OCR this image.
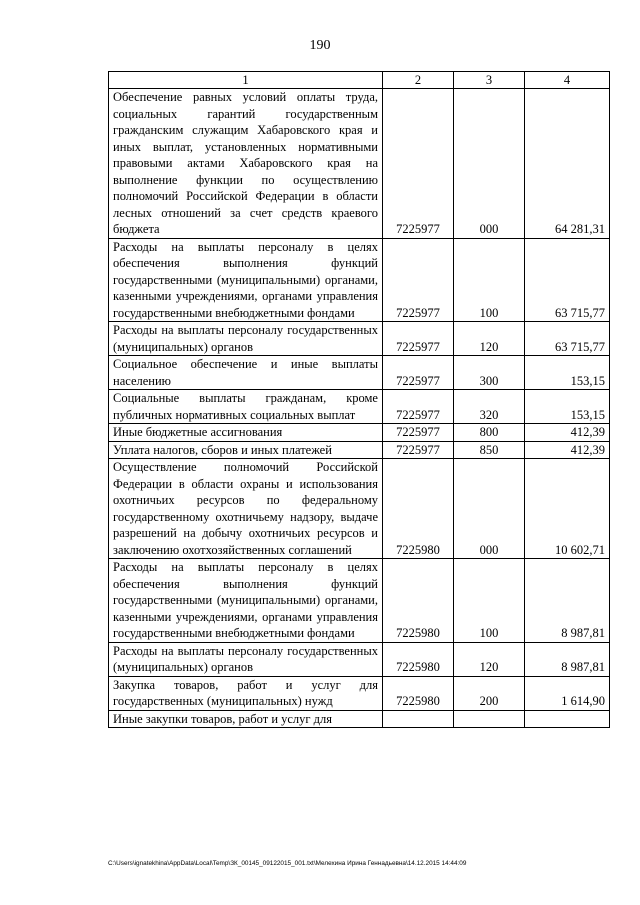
190
1	2	3	4
Обеспечение равных условий оплаты труда, социальных гарантий государственным гражданским служащим Хабаровского края и иных выплат, установленных нормативными правовыми актами Хабаровского края на выполнение функции по осуществлению полномочий Российской Федерации в области лесных отношений за счет средств краевого бюджета	7225977	000	64 281,31
Расходы на выплаты персоналу в целях обеспечения выполнения функций государственными (муниципальными) органами, казенными учреждениями, органами управления государственными внебюджетными фондами	7225977	100	63 715,77
Расходы на выплаты персоналу государственных (муниципальных) органов	7225977	120	63 715,77
Социальное обеспечение и иные выплаты населению	7225977	300	153,15
Социальные выплаты гражданам, кроме публичных нормативных социальных выплат	7225977	320	153,15
Иные бюджетные ассигнования	7225977	800	412,39
Уплата налогов, сборов и иных платежей	7225977	850	412,39
Осуществление полномочий Российской Федерации в области охраны и использования охотничьих ресурсов по федеральному государственному охотничьему надзору, выдаче разрешений на добычу охотничьих ресурсов и заключению охотхозяйственных соглашений	7225980	000	10 602,71
Расходы на выплаты персоналу в целях обеспечения выполнения функций государственными (муниципальными) органами, казенными учреждениями, органами управления государственными внебюджетными фондами	7225980	100	8 987,81
Расходы на выплаты персоналу государственных (муниципальных) органов	7225980	120	8 987,81
Закупка товаров, работ и услуг для государственных (муниципальных) нужд	7225980	200	1 614,90
Иные закупки товаров, работ и услуг для			
C:\Users\ignatekhina\AppData\Local\Temp\ЗК_00145_09122015_001.txt\Мелехина Ирина Геннадьевна\14.12.2015 14:44:09
